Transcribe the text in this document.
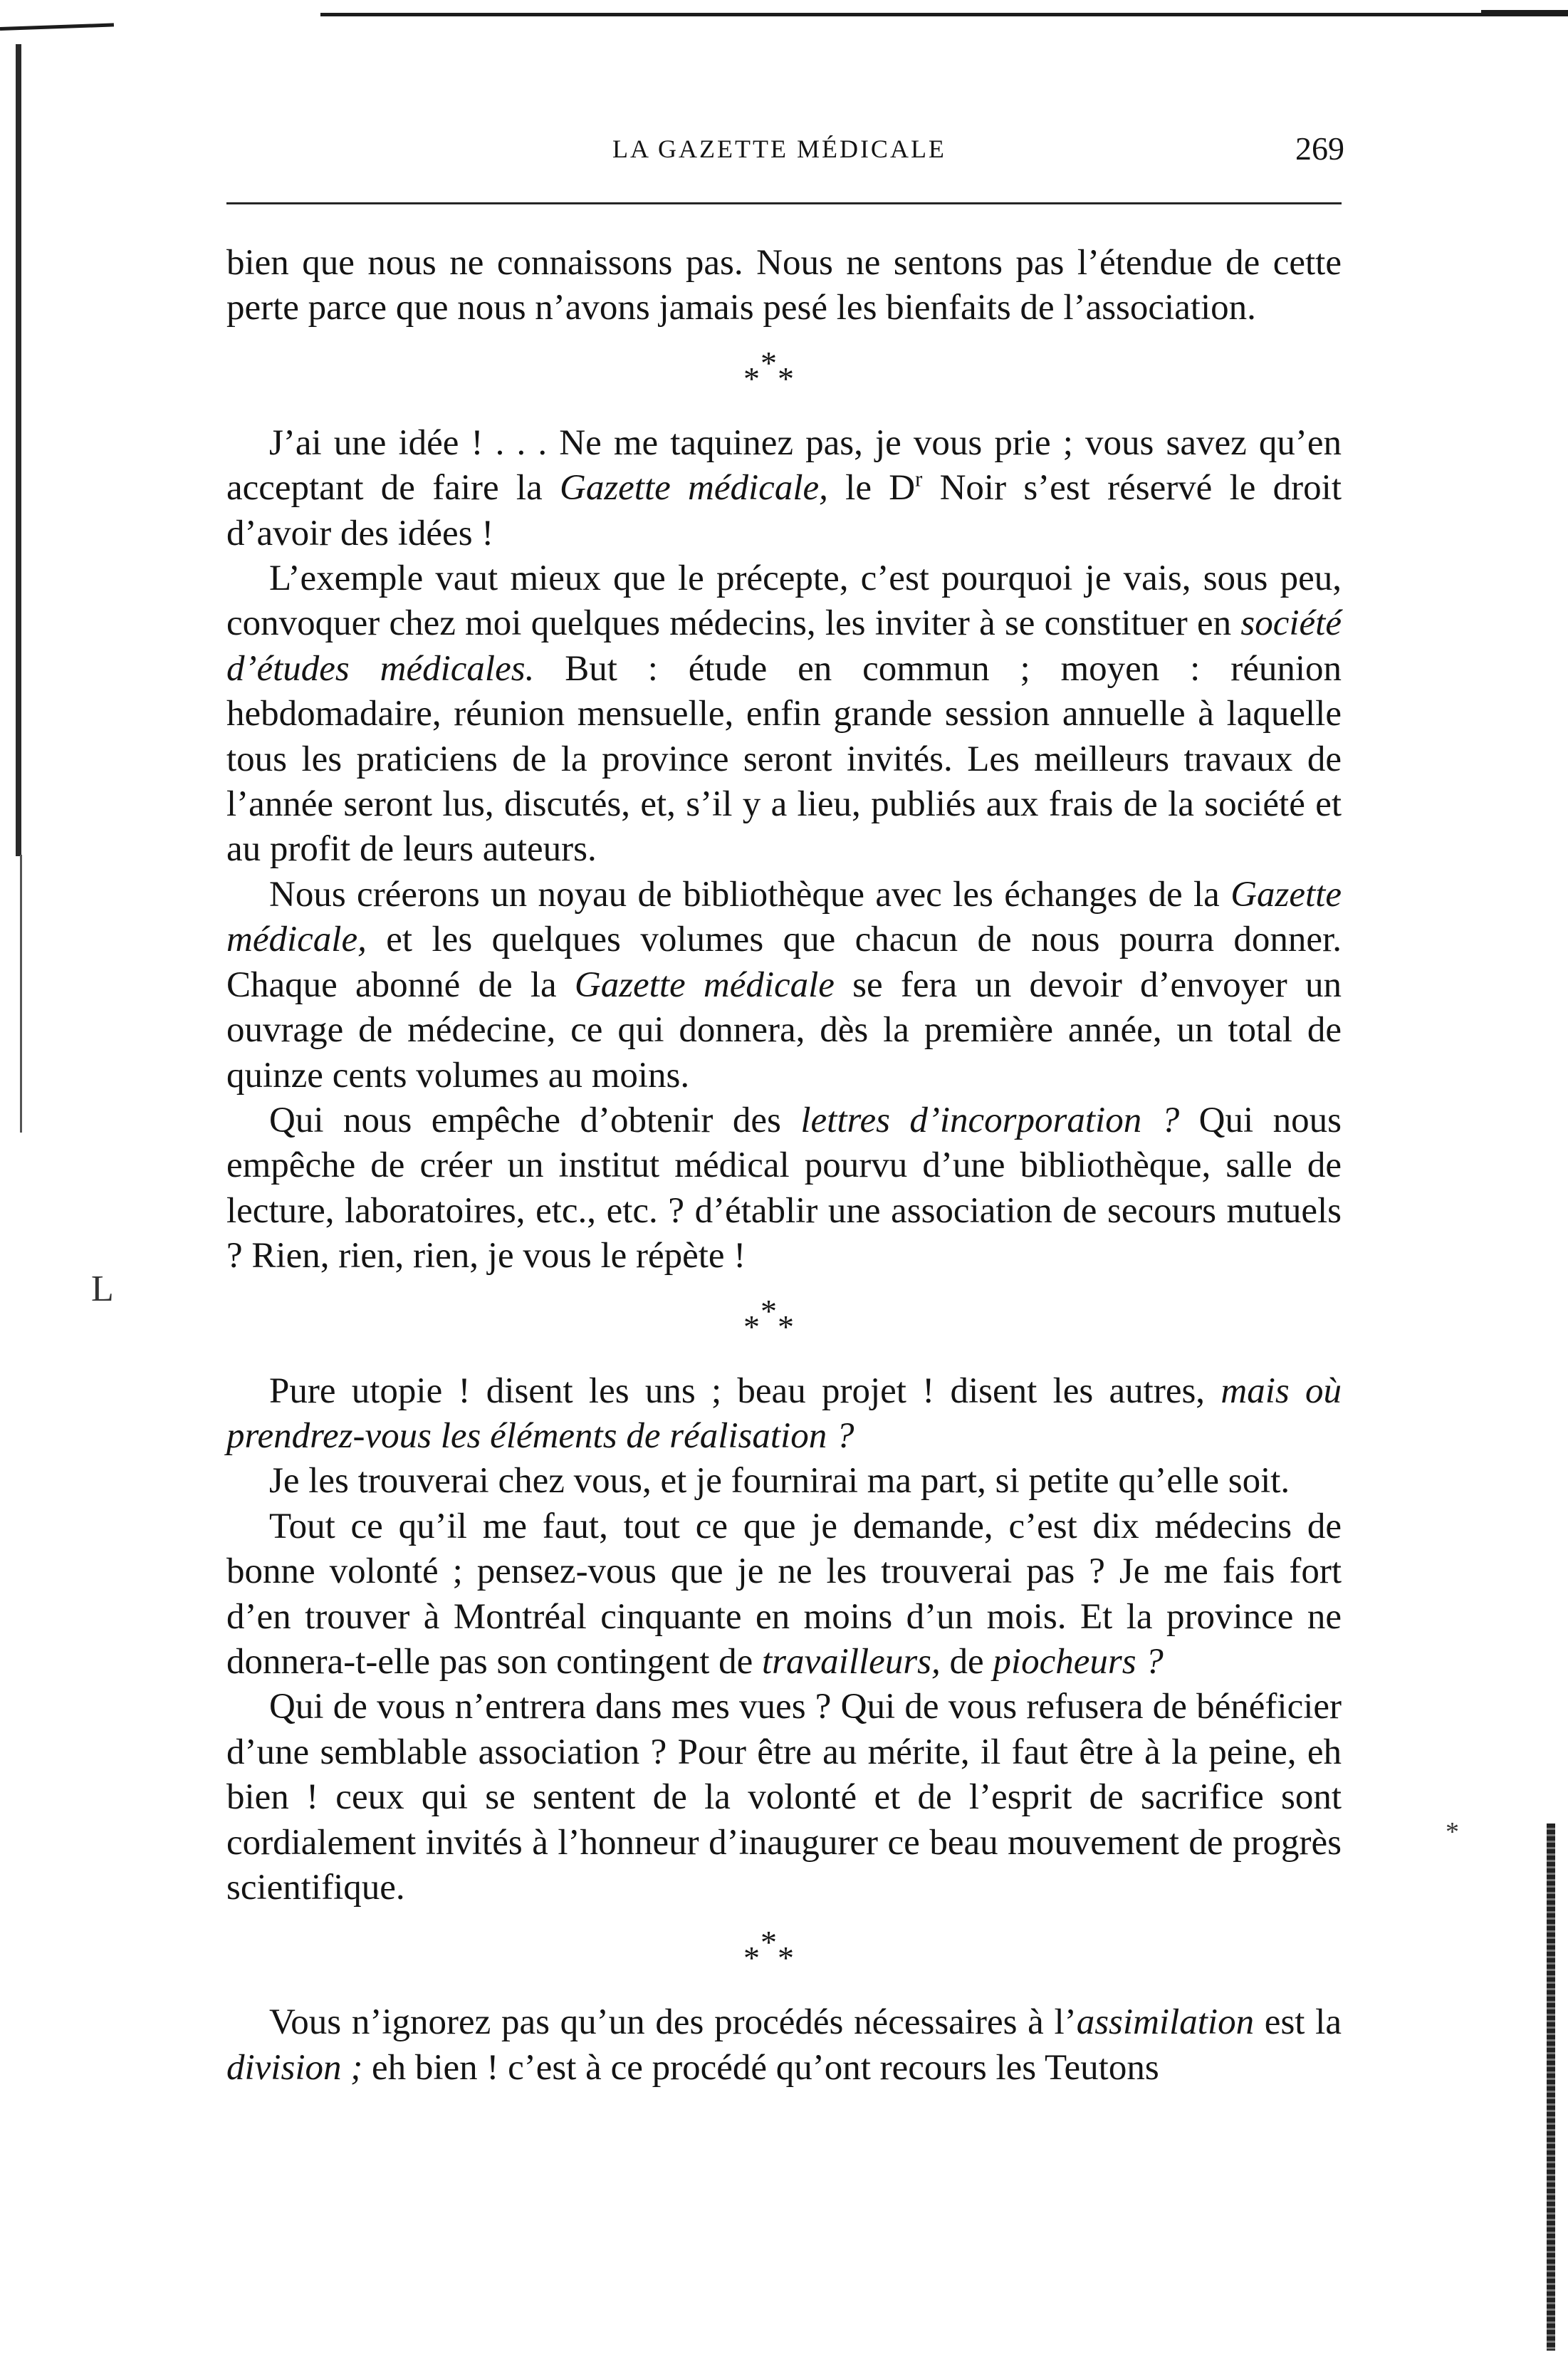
L
*
LA GAZETTE MÉDICALE	269

bien que nous ne connaissons pas. Nous ne sentons pas l’étendue de cette perte parce que nous n’avons jamais pesé les bienfaits de l’association.

*
* *

J’ai une idée ! . . . Ne me taquinez pas, je vous prie ; vous savez qu’en acceptant de faire la Gazette médicale, le $D^r$ Noir s’est réservé le droit d’avoir des idées !

L’exemple vaut mieux que le précepte, c’est pourquoi je vais, sous peu, convoquer chez moi quelques médecins, les inviter à se constituer en société d’études médicales. But : étude en commun ; moyen : réunion hebdomadaire, réunion mensuelle, enfin grande session annuelle à laquelle tous les praticiens de la province seront invités. Les meilleurs travaux de l’année seront lus, discutés, et, s’il y a lieu, publiés aux frais de la société et au profit de leurs auteurs.

Nous créerons un noyau de bibliothèque avec les échanges de la Gazette médicale, et les quelques volumes que chacun de nous pourra donner. Chaque abonné de la Gazette médicale se fera un devoir d’envoyer un ouvrage de médecine, ce qui donnera, dès la première année, un total de quinze cents volumes au moins.

Qui nous empêche d’obtenir des lettres d’incorporation ? Qui nous empêche de créer un institut médical pourvu d’une bibliothèque, salle de lecture, laboratoires, etc., etc. ? d’établir une association de secours mutuels ? Rien, rien, rien, je vous le répète !

*
* *

Pure utopie ! disent les uns ; beau projet ! disent les autres, mais où prendrez-vous les éléments de réalisation ?

Je les trouverai chez vous, et je fournirai ma part, si petite qu’elle soit.

Tout ce qu’il me faut, tout ce que je demande, c’est dix médecins de bonne volonté ; pensez-vous que je ne les trouverai pas ? Je me fais fort d’en trouver à Montréal cinquante en moins d’un mois. Et la province ne donnera-t-elle pas son contingent de travailleurs, de piocheurs ?

Qui de vous n’entrera dans mes vues ? Qui de vous refusera de bénéficier d’une semblable association ? Pour être au mérite, il faut être à la peine, eh bien ! ceux qui se sentent de la volonté et de l’esprit de sacrifice sont cordialement invités à l’honneur d’inaugurer ce beau mouvement de progrès scientifique.

*
* *

Vous n’ignorez pas qu’un des procédés nécessaires à l’assimilation est la division ; eh bien ! c’est à ce procédé qu’ont recours les Teutons
